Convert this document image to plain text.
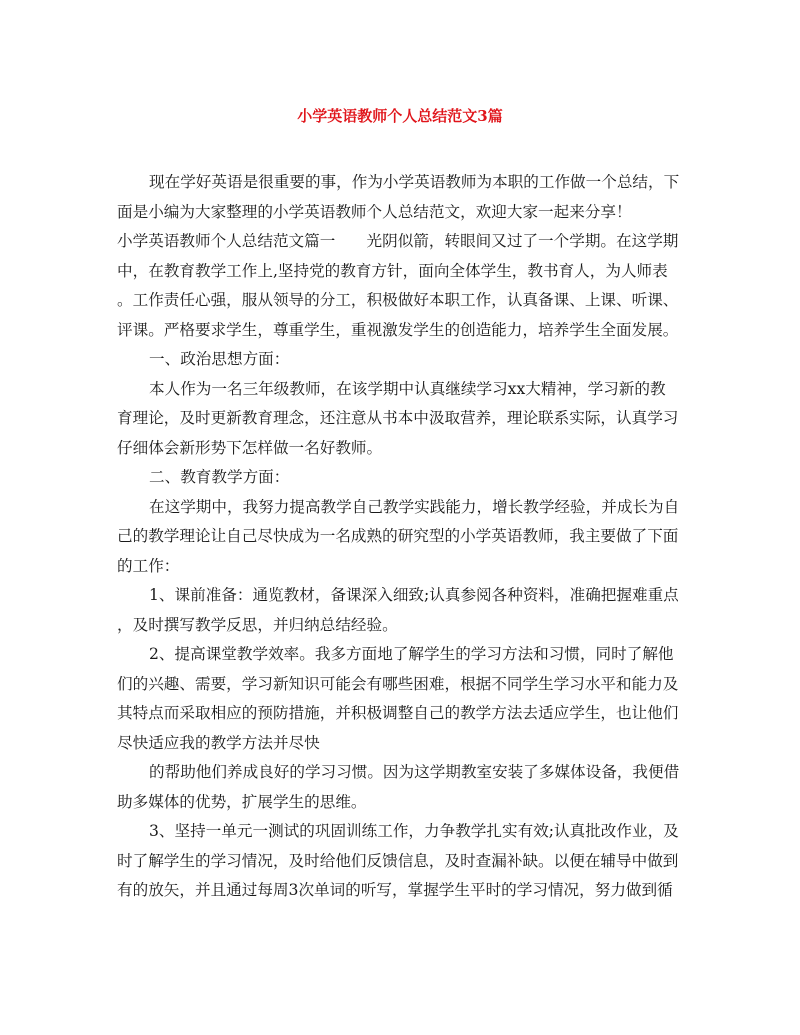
小学英语教师个人总结范文3篇
现在学好英语是很重要的事，作为小学英语教师为本职的工作做一个总结，下
面是小编为大家整理的小学英语教师个人总结范文，欢迎大家一起来分享！
小学英语教师个人总结范文篇一　　光阴似箭，转眼间又过了一个学期。在这学期
中，在教育教学工作上,坚持党的教育方针，面向全体学生，教书育人，为人师表
。工作责任心强，服从领导的分工，积极做好本职工作，认真备课、上课、听课、
评课。严格要求学生，尊重学生，重视激发学生的创造能力，培养学生全面发展。
一、政治思想方面：
本人作为一名三年级教师，在该学期中认真继续学习xx大精神，学习新的教
育理论，及时更新教育理念，还注意从书本中汲取营养，理论联系实际，认真学习
仔细体会新形势下怎样做一名好教师。
二、教育教学方面：
在这学期中，我努力提高教学自己教学实践能力，增长教学经验，并成长为自
己的教学理论让自己尽快成为一名成熟的研究型的小学英语教师，我主要做了下面
的工作：
1、课前准备：通览教材，备课深入细致;认真参阅各种资料，准确把握难重点
，及时撰写教学反思，并归纳总结经验。
2、提高课堂教学效率。我多方面地了解学生的学习方法和习惯，同时了解他
们的兴趣、需要，学习新知识可能会有哪些困难，根据不同学生学习水平和能力及
其特点而采取相应的预防措施，并积极调整自己的教学方法去适应学生，也让他们
尽快适应我的教学方法并尽快
的帮助他们养成良好的学习习惯。因为这学期教室安装了多媒体设备，我便借
助多媒体的优势，扩展学生的思维。
3、坚持一单元一测试的巩固训练工作，力争教学扎实有效;认真批改作业，及
时了解学生的学习情况，及时给他们反馈信息，及时查漏补缺。以便在辅导中做到
有的放矢，并且通过每周3次单词的听写，掌握学生平时的学习情况，努力做到循
